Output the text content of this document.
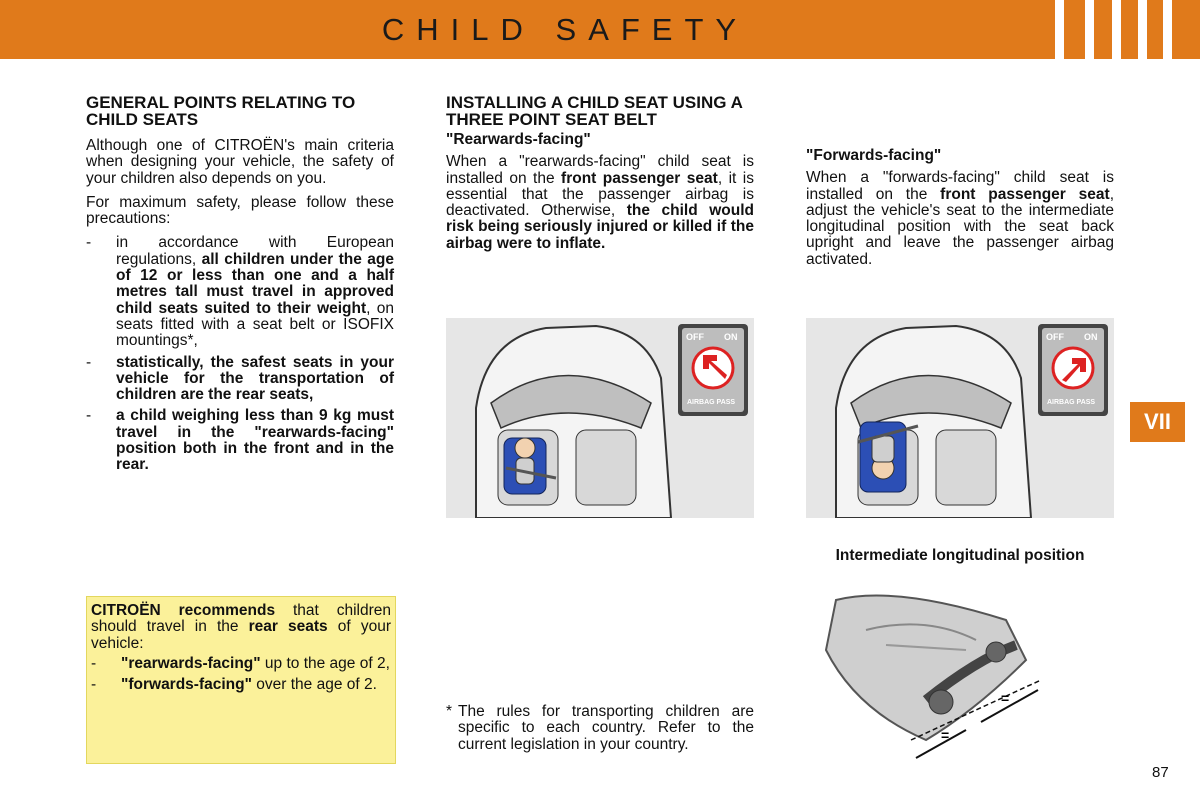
CHILD SAFETY
GENERAL POINTS RELATING TO CHILD SEATS

Although one of CITROËN's main criteria when designing your vehicle, the safety of your children also depends on you.

For maximum safety, please follow these precautions:

-	in accordance with European regulations, all children under the age of 12 or less than one and a half metres tall must travel in approved child seats suited to their weight, on seats fitted with a seat belt or ISOFIX mountings*,
-	statistically, the safest seats in your vehicle for the transportation of children are the rear seats,
-	a child weighing less than 9 kg must travel in the "rearwards-facing" position both in the front and in the rear.

CITROËN recommends that children should travel in the rear seats of your vehicle:

-	"rearwards-facing" up to the age of 2,
-	"forwards-facing" over the age of 2.
INSTALLING A CHILD SEAT USING A THREE POINT SEAT BELT
"Rearwards-facing"

When a "rearwards-facing" child seat is installed on the front passenger seat, it is essential that the passenger airbag is deactivated. Otherwise, the child would risk being seriously injured or killed if the airbag were to inflate.

"Forwards-facing"

When a "forwards-facing" child seat is installed on the front passenger seat, adjust the vehicle's seat to the intermediate longitudinal position with the seat back upright and leave the passenger airbag activated.

OFF ON
AIRBAG PASS
OFF ON
AIRBAG PASS
Intermediate longitudinal position
=
=
* The rules for transporting children are specific to each country. Refer to the current legislation in your country.
VII
87
